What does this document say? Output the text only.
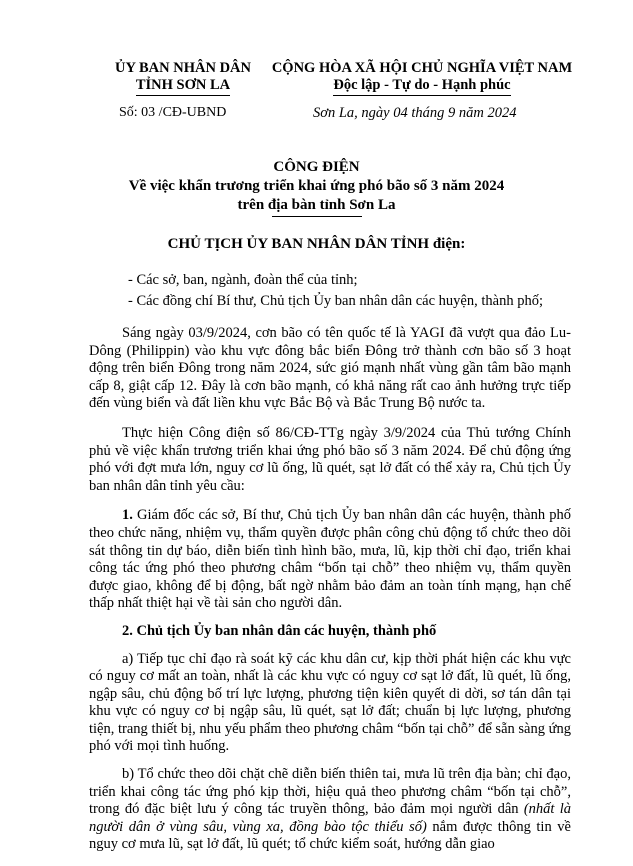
ỦY BAN NHÂN DÂN
TỈNH SƠN LA
CỘNG HÒA XÃ HỘI CHỦ NGHĨA VIỆT NAM
Độc lập - Tự do - Hạnh phúc
Số: 03 /CĐ-UBND	Sơn La, ngày 04 tháng 9 năm 2024
CÔNG ĐIỆN
Về việc khẩn trương triển khai ứng phó bão số 3 năm 2024
trên địa bàn tỉnh Sơn La
CHỦ TỊCH ỦY BAN NHÂN DÂN TỈNH điện:
- Các sở, ban, ngành, đoàn thể của tỉnh;
- Các đồng chí Bí thư, Chủ tịch Ủy ban nhân dân các huyện, thành phố;

Sáng ngày 03/9/2024, cơn bão có tên quốc tế là YAGI đã vượt qua đảo Lu-Dông (Philippin) vào khu vực đông bắc biển Đông trở thành cơn bão số 3 hoạt động trên biển Đông trong năm 2024, sức gió mạnh nhất vùng gần tâm bão mạnh cấp 8, giật cấp 12. Đây là cơn bão mạnh, có khả năng rất cao ảnh hưởng trực tiếp đến vùng biển và đất liền khu vực Bắc Bộ và Bắc Trung Bộ nước ta.

Thực hiện Công điện số 86/CĐ-TTg ngày 3/9/2024 của Thủ tướng Chính phủ về việc khẩn trương triển khai ứng phó bão số 3 năm 2024. Để chủ động ứng phó với đợt mưa lớn, nguy cơ lũ ống, lũ quét, sạt lở đất có thể xảy ra, Chủ tịch Ủy ban nhân dân tỉnh yêu cầu:

1. Giám đốc các sở, Bí thư, Chủ tịch Ủy ban nhân dân các huyện, thành phố theo chức năng, nhiệm vụ, thẩm quyền được phân công chủ động tổ chức theo dõi sát thông tin dự báo, diễn biến tình hình bão, mưa, lũ, kịp thời chỉ đạo, triển khai công tác ứng phó theo phương châm “bốn tại chỗ” theo nhiệm vụ, thẩm quyền được giao, không để bị động, bất ngờ nhằm bảo đảm an toàn tính mạng, hạn chế thấp nhất thiệt hại về tài sản cho người dân.

2. Chủ tịch Ủy ban nhân dân các huyện, thành phố

a) Tiếp tục chỉ đạo rà soát kỹ các khu dân cư, kịp thời phát hiện các khu vực có nguy cơ mất an toàn, nhất là các khu vực có nguy cơ sạt lở đất, lũ quét, lũ ống, ngập sâu, chủ động bố trí lực lượng, phương tiện kiên quyết di dời, sơ tán dân tại khu vực có nguy cơ bị ngập sâu, lũ quét, sạt lở đất; chuẩn bị lực lượng, phương tiện, trang thiết bị, nhu yếu phẩm theo phương châm “bốn tại chỗ” để sẵn sàng ứng phó với mọi tình huống.

b) Tổ chức theo dõi chặt chẽ diễn biến thiên tai, mưa lũ trên địa bàn; chỉ đạo, triển khai công tác ứng phó kịp thời, hiệu quả theo phương châm “bốn tại chỗ”, trong đó đặc biệt lưu ý công tác truyền thông, bảo đảm mọi người dân (nhất là người dân ở vùng sâu, vùng xa, đồng bào tộc thiểu số) nắm được thông tin về nguy cơ mưa lũ, sạt lở đất, lũ quét; tổ chức kiểm soát, hướng dẫn giao
